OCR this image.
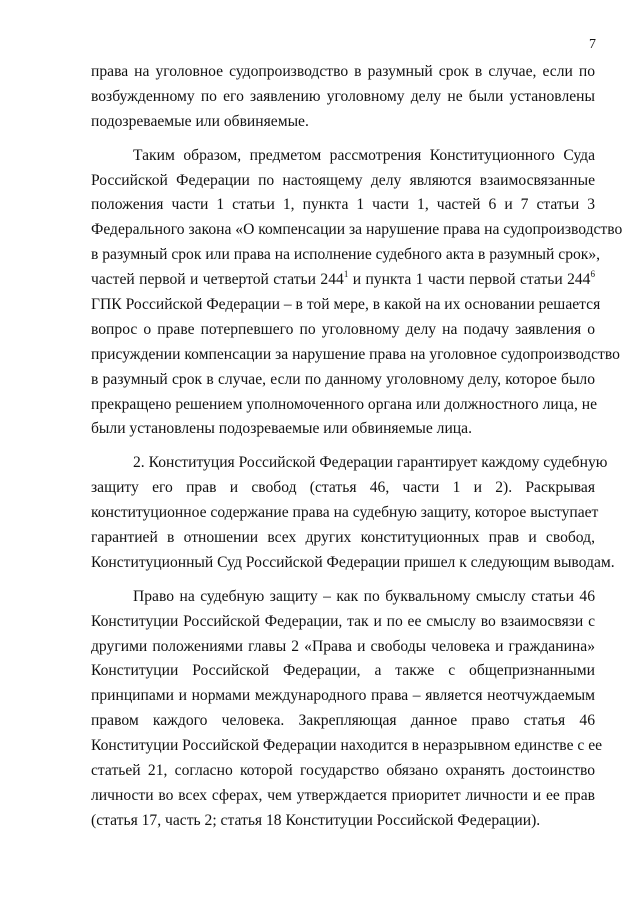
7
права на уголовное судопроизводство в разумный срок в случае, если по
возбужденному по его заявлению уголовному делу не были установлены
подозреваемые или обвиняемые.
Таким образом, предметом рассмотрения Конституционного Суда
Российской Федерации по настоящему делу являются взаимосвязанные
положения части 1 статьи 1, пункта 1 части 1, частей 6 и 7 статьи 3
Федерального закона «О компенсации за нарушение права на судопроизводство
в разумный срок или права на исполнение судебного акта в разумный срок»,
частей первой и четвертой статьи $244^1$ и пункта 1 части первой статьи $244^6$
ГПК Российской Федерации – в той мере, в какой на их основании решается
вопрос о праве потерпевшего по уголовному делу на подачу заявления о
присуждении компенсации за нарушение права на уголовное судопроизводство
в разумный срок в случае, если по данному уголовному делу, которое было
прекращено решением уполномоченного органа или должностного лица, не
были установлены подозреваемые или обвиняемые лица.
2. Конституция Российской Федерации гарантирует каждому судебную
защиту его прав и свобод (статья 46, части 1 и 2). Раскрывая
конституционное содержание права на судебную защиту, которое выступает
гарантией в отношении всех других конституционных прав и свобод,
Конституционный Суд Российской Федерации пришел к следующим выводам.
Право на судебную защиту – как по буквальному смыслу статьи 46
Конституции Российской Федерации, так и по ее смыслу во взаимосвязи с
другими положениями главы 2 «Права и свободы человека и гражданина»
Конституции Российской Федерации, а также с общепризнанными
принципами и нормами международного права – является неотчуждаемым
правом каждого человека. Закрепляющая данное право статья 46
Конституции Российской Федерации находится в неразрывном единстве с ее
статьей 21, согласно которой государство обязано охранять достоинство
личности во всех сферах, чем утверждается приоритет личности и ее прав
(статья 17, часть 2; статья 18 Конституции Российской Федерации).
